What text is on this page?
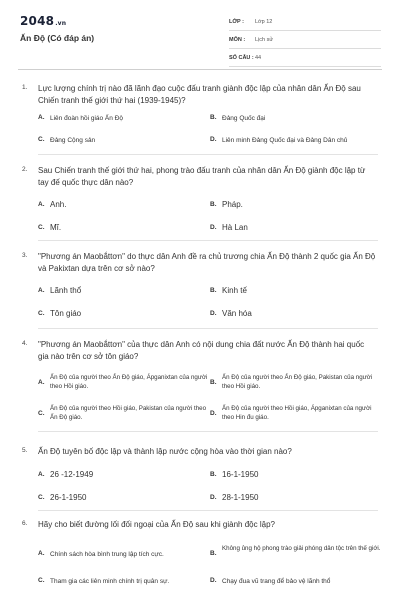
2048.vn
Ấn Độ (Có đáp án)
LỚP :	Lớp 12
MÔN :	Lịch sử
SỐ CÂU : 44
1. Lực lượng chính trị nào đã lãnh đạo cuộc đấu tranh giành độc lập của nhân dân Ấn Độ sau Chiến tranh thế giới thứ hai (1939-1945)?
A. Liên đoàn hồi giáo Ấn Độ	B. Đảng Quốc đại
C. Đảng Cộng sản	D. Liên minh Đảng Quốc đại và Đảng Dân chủ
2. Sau Chiến tranh thế giới thứ hai, phong trào đấu tranh của nhân dân Ấn Độ giành độc lập từ tay đế quốc thực dân nào?
A. Anh.	B. Pháp.
C. Mĩ.	D. Hà Lan
3. "Phương án Maobắttơn" do thực dân Anh đề ra chủ trương chia Ấn Độ thành 2 quốc gia Ấn Độ và Pakixtan dựa trên cơ sở nào?
A. Lãnh thổ	B. Kinh tế
C. Tôn giáo	D. Văn hóa
4. "Phương án Maobắttơn" của thực dân Anh có nội dung chia đất nước Ấn Độ thành hai quốc gia nào trên cơ sở tôn giáo?
A.
Ấn Độ của người theo Ấn Độ giáo, Ápganixtan của người theo Hồi giáo.
B.
Ấn Độ của người theo Ấn Độ giáo, Pakistan của người theo Hồi giáo.
C.
Ấn Độ của người theo Hồi giáo, Pakistan của người theo Ấn Độ giáo.
D.
Ấn Độ của người theo Hồi giáo, Ápganixtan của người theo Hin đu giáo.
5. Ấn Độ tuyên bố độc lập và thành lập nước cộng hòa vào thời gian nào?
A. 26 -12-1949	B. 16-1-1950
C. 26-1-1950	D. 28-1-1950
6. Hãy cho biết đường lối đối ngoại của Ấn Độ sau khi giành độc lập?
A. Chính sách hòa bình trung lập tích cực.	B.
Không ủng hộ phong trào giải phóng dân tộc trên thế giới.
C. Tham gia các liên minh chính trị quân sự.	D. Chạy đua vũ trang để bảo vệ lãnh thổ
